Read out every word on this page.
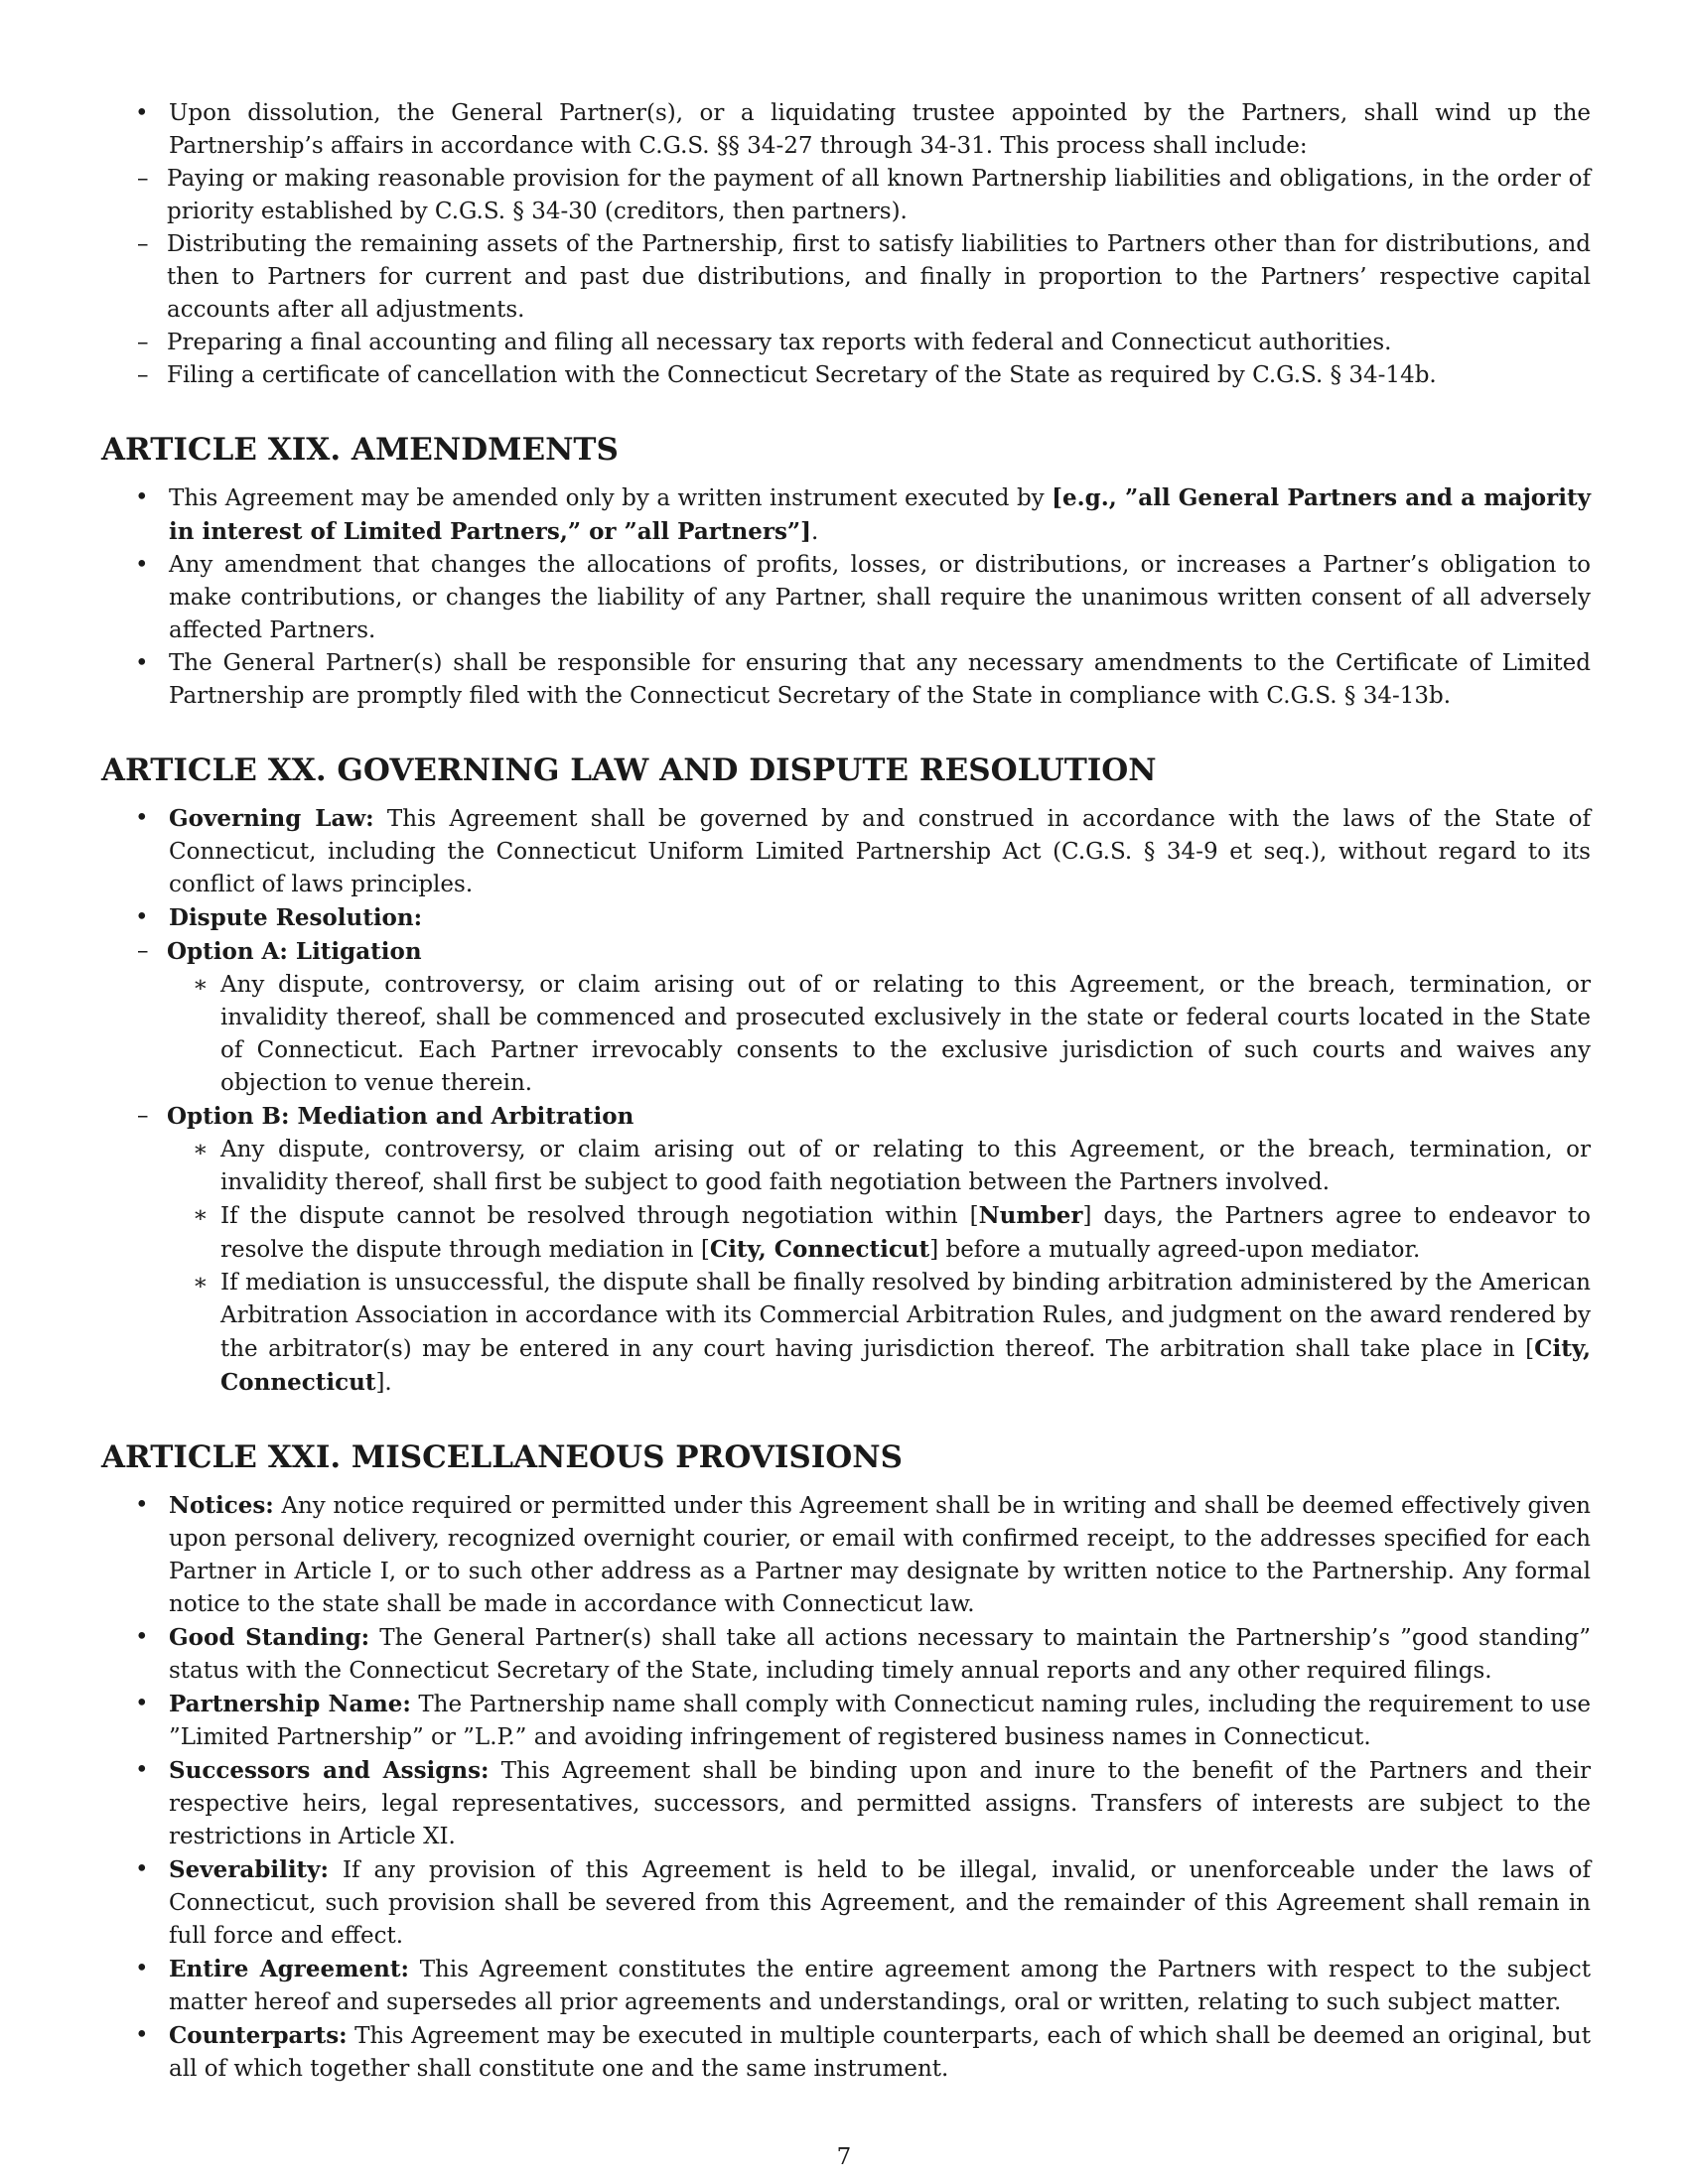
• Upon dissolution, the General Partner(s), or a liquidating trustee appointed by the Partners, shall wind up the Partnership’s affairs in accordance with C.G.S. §§ 34-27 through 34-31. This process shall include:
– Paying or making reasonable provision for the payment of all known Partnership liabilities and obligations, in the order of priority established by C.G.S. § 34-30 (creditors, then partners).
– Distributing the remaining assets of the Partnership, first to satisfy liabilities to Partners other than for distributions, and then to Partners for current and past due distributions, and finally in proportion to the Partners’ respective capital accounts after all adjustments.
– Preparing a final accounting and filing all necessary tax reports with federal and Connecticut authorities.
– Filing a certificate of cancellation with the Connecticut Secretary of the State as required by C.G.S. § 34-14b.
ARTICLE XIX. AMENDMENTS
• This Agreement may be amended only by a written instrument executed by [e.g., ”all General Partners and a majority in interest of Limited Partners,” or ”all Partners”].
• Any amendment that changes the allocations of profits, losses, or distributions, or increases a Partner’s obligation to make contributions, or changes the liability of any Partner, shall require the unanimous written consent of all adversely affected Partners.
• The General Partner(s) shall be responsible for ensuring that any necessary amendments to the Certificate of Limited Partnership are promptly filed with the Connecticut Secretary of the State in compliance with C.G.S. § 34-13b.
ARTICLE XX. GOVERNING LAW AND DISPUTE RESOLUTION
• Governing Law: This Agreement shall be governed by and construed in accordance with the laws of the State of Connecticut, including the Connecticut Uniform Limited Partnership Act (C.G.S. § 34-9 et seq.), without regard to its conflict of laws principles.
• Dispute Resolution:
– Option A: Litigation
∗ Any dispute, controversy, or claim arising out of or relating to this Agreement, or the breach, termination, or invalidity thereof, shall be commenced and prosecuted exclusively in the state or federal courts located in the State of Connecticut. Each Partner irrevocably consents to the exclusive jurisdiction of such courts and waives any objection to venue therein.
– Option B: Mediation and Arbitration
∗ Any dispute, controversy, or claim arising out of or relating to this Agreement, or the breach, termination, or invalidity thereof, shall first be subject to good faith negotiation between the Partners involved.
∗ If the dispute cannot be resolved through negotiation within [Number] days, the Partners agree to endeavor to resolve the dispute through mediation in [City, Connecticut] before a mutually agreed-upon mediator.
∗ If mediation is unsuccessful, the dispute shall be finally resolved by binding arbitration administered by the American Arbitration Association in accordance with its Commercial Arbitration Rules, and judgment on the award rendered by the arbitrator(s) may be entered in any court having jurisdiction thereof. The arbitration shall take place in [City, Connecticut].
ARTICLE XXI. MISCELLANEOUS PROVISIONS
• Notices: Any notice required or permitted under this Agreement shall be in writing and shall be deemed effectively given upon personal delivery, recognized overnight courier, or email with confirmed receipt, to the addresses specified for each Partner in Article I, or to such other address as a Partner may designate by written notice to the Partnership. Any formal notice to the state shall be made in accordance with Connecticut law.
• Good Standing: The General Partner(s) shall take all actions necessary to maintain the Partnership’s ”good standing” status with the Connecticut Secretary of the State, including timely annual reports and any other required filings.
• Partnership Name: The Partnership name shall comply with Connecticut naming rules, including the requirement to use ”Limited Partnership” or ”L.P.” and avoiding infringement of registered business names in Connecticut.
• Successors and Assigns: This Agreement shall be binding upon and inure to the benefit of the Partners and their respective heirs, legal representatives, successors, and permitted assigns. Transfers of interests are subject to the restrictions in Article XI.
• Severability: If any provision of this Agreement is held to be illegal, invalid, or unenforceable under the laws of Connecticut, such provision shall be severed from this Agreement, and the remainder of this Agreement shall remain in full force and effect.
• Entire Agreement: This Agreement constitutes the entire agreement among the Partners with respect to the subject matter hereof and supersedes all prior agreements and understandings, oral or written, relating to such subject matter.
• Counterparts: This Agreement may be executed in multiple counterparts, each of which shall be deemed an original, but all of which together shall constitute one and the same instrument.
7
